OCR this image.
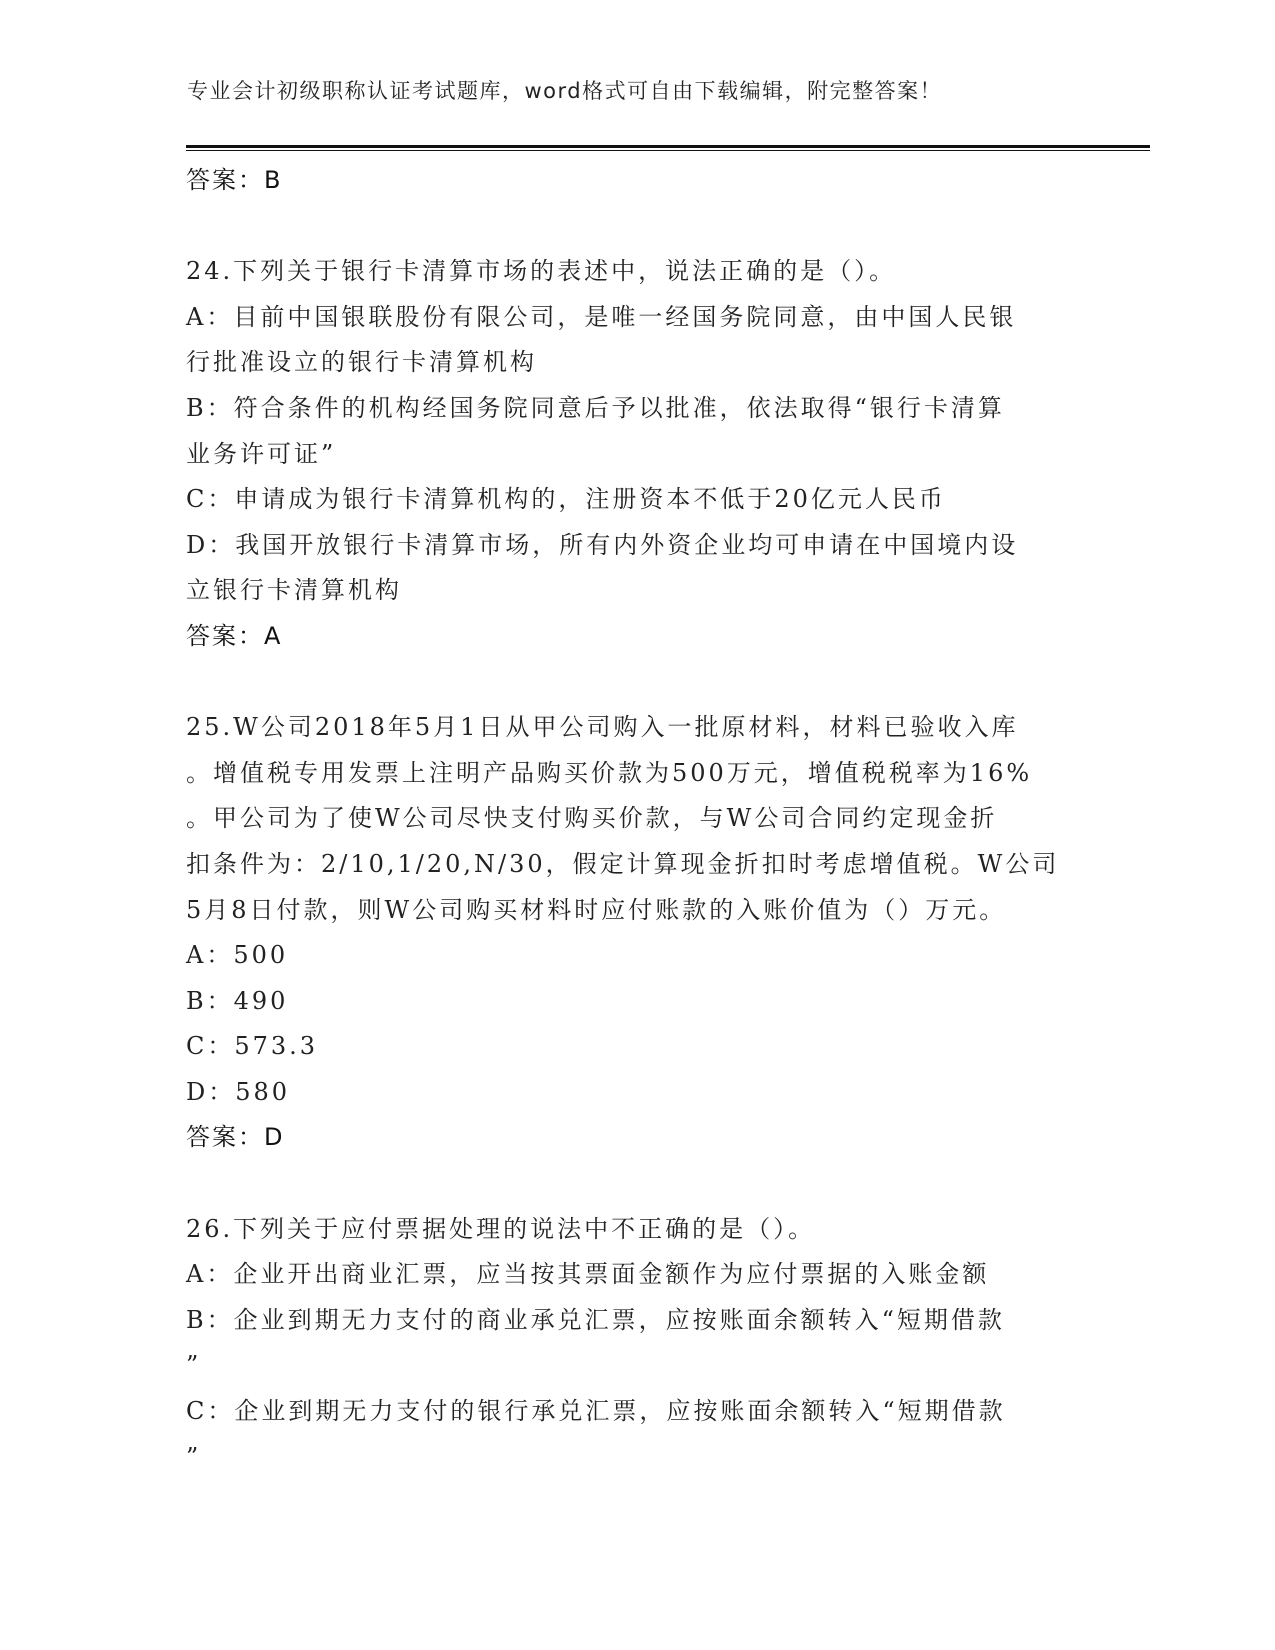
专业会计初级职称认证考试题库，word格式可自由下载编辑，附完整答案！
答案：B
24.下列关于银行卡清算市场的表述中，说法正确的是（）。
A：目前中国银联股份有限公司，是唯一经国务院同意，由中国人民银
行批准设立的银行卡清算机构
B：符合条件的机构经国务院同意后予以批准，依法取得“银行卡清算
业务许可证”
C：申请成为银行卡清算机构的，注册资本不低于20亿元人民币
D：我国开放银行卡清算市场，所有内外资企业均可申请在中国境内设
立银行卡清算机构
答案：A
25.W公司2018年5月1日从甲公司购入一批原材料，材料已验收入库
。增值税专用发票上注明产品购买价款为500万元，增值税税率为16%
。甲公司为了使W公司尽快支付购买价款，与W公司合同约定现金折
扣条件为：2/10,1/20,N/30，假定计算现金折扣时考虑增值税。W公司
5月8日付款，则W公司购买材料时应付账款的入账价值为（）万元。
A：500
B：490
C：573.3
D：580
答案：D
26.下列关于应付票据处理的说法中不正确的是（）。
A：企业开出商业汇票，应当按其票面金额作为应付票据的入账金额
B：企业到期无力支付的商业承兑汇票，应按账面余额转入“短期借款
”
C：企业到期无力支付的银行承兑汇票，应按账面余额转入“短期借款
”
